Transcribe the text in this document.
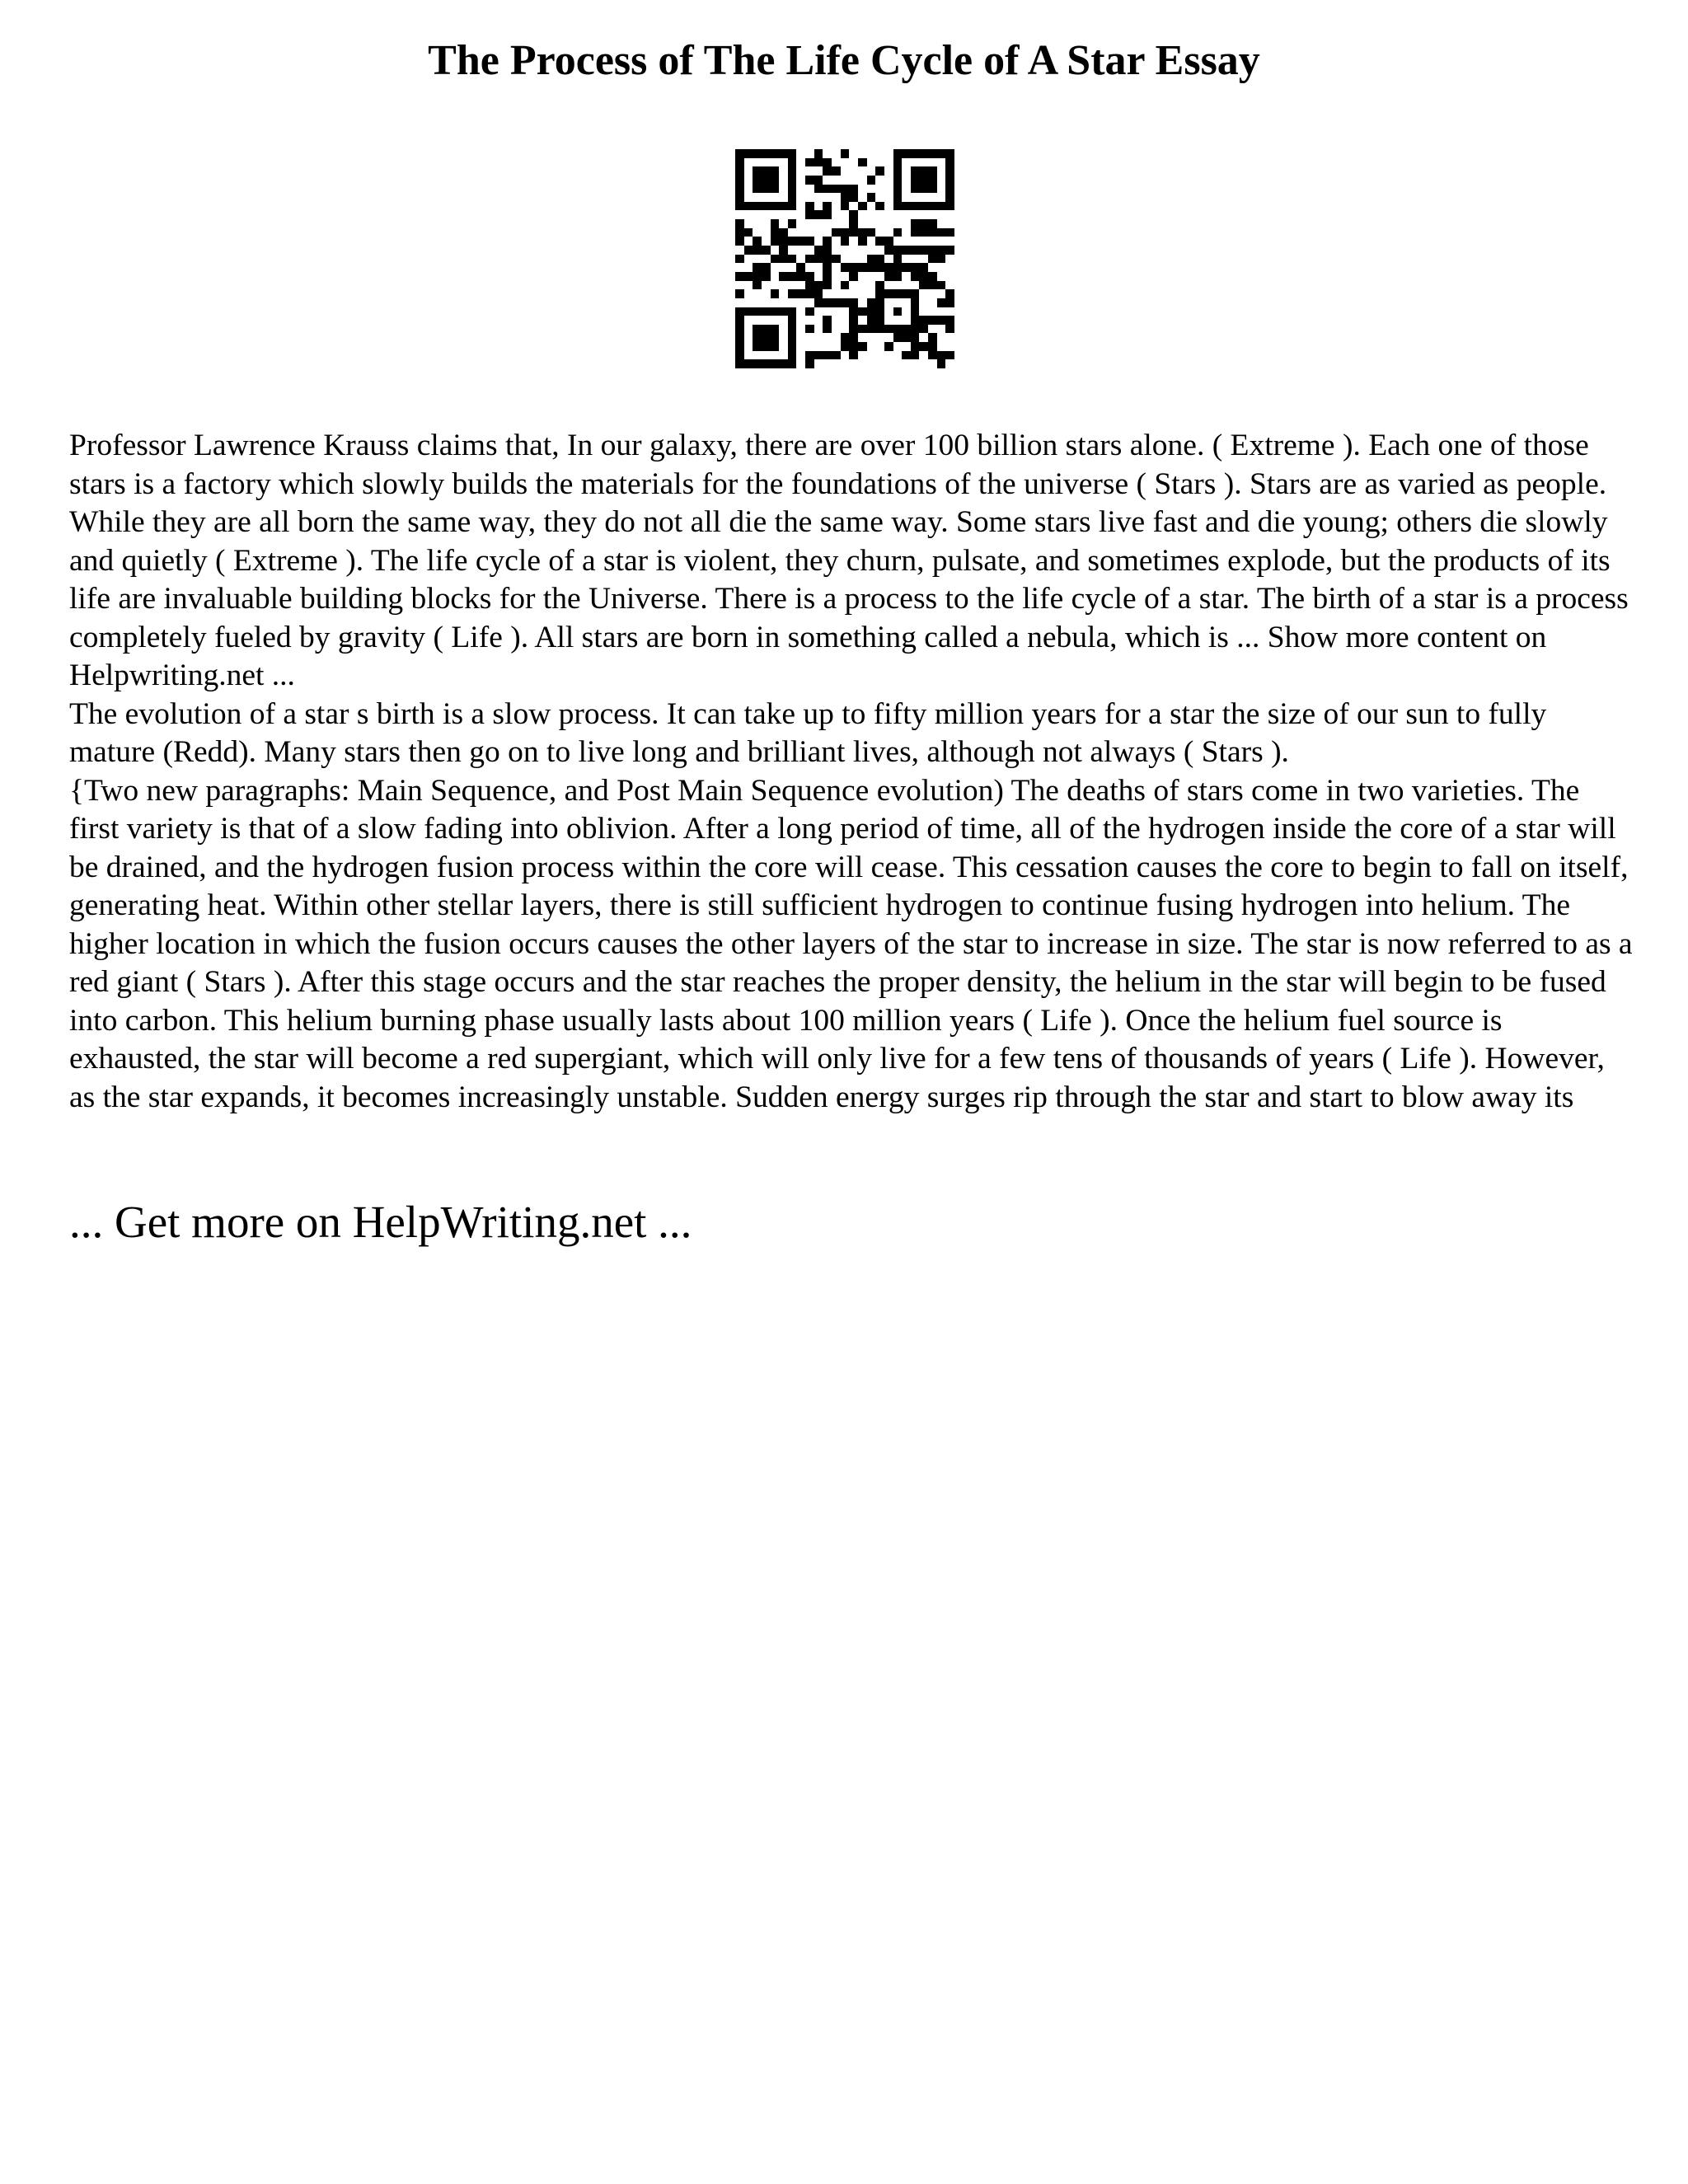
The Process of The Life Cycle of A Star Essay

Professor Lawrence Krauss claims that, In our galaxy, there are over 100 billion stars alone. ( Extreme ). Each one of those stars is a factory which slowly builds the materials for the foundations of the universe ( Stars ). Stars are as varied as people. While they are all born the same way, they do not all die the same way. Some stars live fast and die young; others die slowly and quietly ( Extreme ). The life cycle of a star is violent, they churn, pulsate, and sometimes explode, but the products of its life are invaluable building blocks for the Universe. There is a process to the life cycle of a star. The birth of a star is a process completely fueled by gravity ( Life ). All stars are born in something called a nebula, which is ... Show more content on Helpwriting.net ...

The evolution of a star s birth is a slow process. It can take up to fifty million years for a star the size of our sun to fully mature (Redd). Many stars then go on to live long and brilliant lives, although not always ( Stars ).

{Two new paragraphs: Main Sequence, and Post Main Sequence evolution) The deaths of stars come in two varieties. The first variety is that of a slow fading into oblivion. After a long period of time, all of the hydrogen inside the core of a star will be drained, and the hydrogen fusion process within the core will cease. This cessation causes the core to begin to fall on itself, generating heat. Within other stellar layers, there is still sufficient hydrogen to continue fusing hydrogen into helium. The higher location in which the fusion occurs causes the other layers of the star to increase in size. The star is now referred to as a red giant ( Stars ). After this stage occurs and the star reaches the proper density, the helium in the star will begin to be fused into carbon. This helium burning phase usually lasts about 100 million years ( Life ). Once the helium fuel source is exhausted, the star will become a red supergiant, which will only live for a few tens of thousands of years ( Life ). However, as the star expands, it becomes increasingly unstable. Sudden energy surges rip through the star and start to blow away its

... Get more on HelpWriting.net ...
